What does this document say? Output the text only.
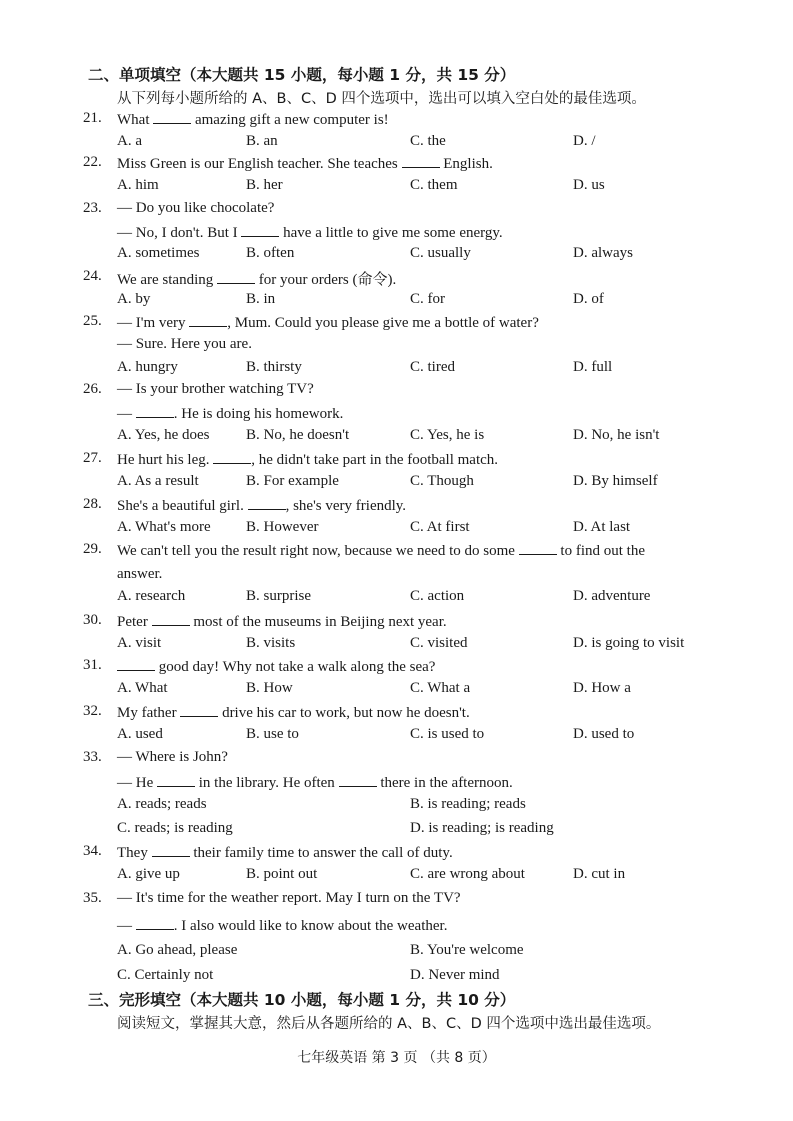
二、单项填空（本大题共 15 小题，每小题 1 分，共 15 分）
从下列每小题所给的 A、B、C、D 四个选项中，选出可以填入空白处的最佳选项。
21. What	amazing gift a new computer is!
A. a	B. an	C. the	D. /
22. Miss Green is our English teacher. She teaches	English.
A. him	B. her	C. them	D. us
23. — Do you like chocolate?
— No, I don't. But I	have a little to give me some energy.
A. sometimes	B. often	C. usually	D. always
24. We are standing	for your orders (命令).
A. by	B. in	C. for	D. of
25. — I'm very	, Mum. Could you please give me a bottle of water?
— Sure. Here you are.
A. hungry	B. thirsty	C. tired	D. full
26. — Is your brother watching TV?
—	. He is doing his homework.
A. Yes, he does B. No, he doesn't	C. Yes, he is	D. No, he isn't
27. He hurt his leg.	, he didn't take part in the football match.
A. As a result	B. For example	C. Though	D. By himself
28. She's a beautiful girl.	, she's very friendly.
A. What's more B. However	C. At first	D. At last
29. We can't tell you the result right now, because we need to do some	to find out the
answer.
A. research	B. surprise	C. action	D. adventure
30. Peter	most of the museums in Beijing next year.
A. visit	B. visits	C. visited	D. is going to visit
31.	good day! Why not take a walk along the sea?
A. What	B. How	C. What a	D. How a
32. My father	drive his car to work, but now he doesn't.
A. used	B. use to	C. is used to	D. used to
33. — Where is John?
— He	in the library. He often	there in the afternoon.
A. reads; reads	B. is reading; reads
C. reads; is reading	D. is reading; is reading
34. They	their family time to answer the call of duty.
A. give up	B. point out	C. are wrong about	D. cut in
35. — It's time for the weather report. May I turn on the TV?
—	. I also would like to know about the weather.
A. Go ahead, please	B. You're welcome
C. Certainly not	D. Never mind
三、完形填空（本大题共 10 小题，每小题 1 分，共 10 分）
阅读短文，掌握其大意，然后从各题所给的 A、B、C、D 四个选项中选出最佳选项。
七年级英语 第 3 页 （共 8 页）
